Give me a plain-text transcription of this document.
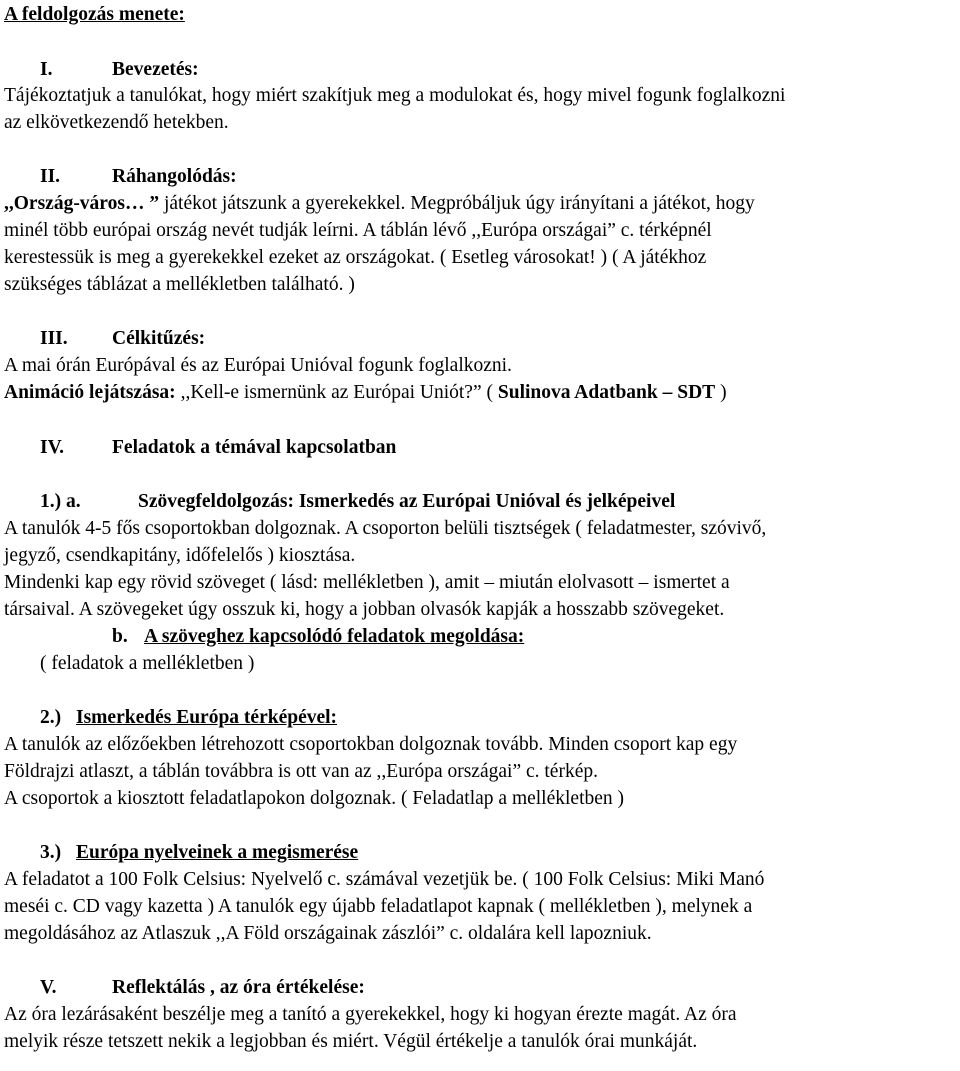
A feldolgozás menete:
I.	Bevezetés:
Tájékoztatjuk a tanulókat, hogy miért szakítjuk meg a modulokat és, hogy mivel fogunk foglalkozni
az elkövetkezendő hetekben.
II.	Ráhangolódás:
,,Ország-város… ” játékot játszunk a gyerekekkel. Megpróbáljuk úgy irányítani a játékot, hogy
minél több európai ország nevét tudják leírni. A táblán lévő ,,Európa országai” c. térképnél
kerestessük is meg a gyerekekkel ezeket az országokat. ( Esetleg városokat! ) ( A játékhoz
szükséges táblázat a mellékletben található. )
III. Célkitűzés:
A mai órán Európával és az Európai Unióval fogunk foglalkozni.
Animáció lejátszása: ,,Kell-e ismernünk az Európai Uniót?” ( Sulinova Adatbank – SDT )
IV. Feladatok a témával kapcsolatban
1.) a.	Szövegfeldolgozás: Ismerkedés az Európai Unióval és jelképeivel
A tanulók 4-5 fős csoportokban dolgoznak. A csoporton belüli tisztségek ( feladatmester, szóvivő,
jegyző, csendkapitány, időfelelős ) kiosztása.
Mindenki kap egy rövid szöveget ( lásd: mellékletben ), amit – miután elolvasott – ismertet a
társaival. A szövegeket úgy osszuk ki, hogy a jobban olvasók kapják a hosszabb szövegeket.
b. A szöveghez kapcsolódó feladatok megoldása:
( feladatok a mellékletben )
2.) Ismerkedés Európa térképével:
A tanulók az előzőekben létrehozott csoportokban dolgoznak tovább. Minden csoport kap egy
Földrajzi atlaszt, a táblán továbbra is ott van az ,,Európa országai” c. térkép.
A csoportok a kiosztott feladatlapokon dolgoznak. ( Feladatlap a mellékletben )
3.) Európa nyelveinek a megismerése
A feladatot a 100 Folk Celsius: Nyelvelő c. számával vezetjük be. ( 100 Folk Celsius: Miki Manó
meséi c. CD vagy kazetta ) A tanulók egy újabb feladatlapot kapnak ( mellékletben ), melynek a
megoldásához az Atlaszuk ,,A Föld országainak zászlói” c. oldalára kell lapozniuk.
V.	Reflektálás , az óra értékelése:
Az óra lezárásaként beszélje meg a tanító a gyerekekkel, hogy ki hogyan érezte magát. Az óra
melyik része tetszett nekik a legjobban és miért. Végül értékelje a tanulók órai munkáját.
